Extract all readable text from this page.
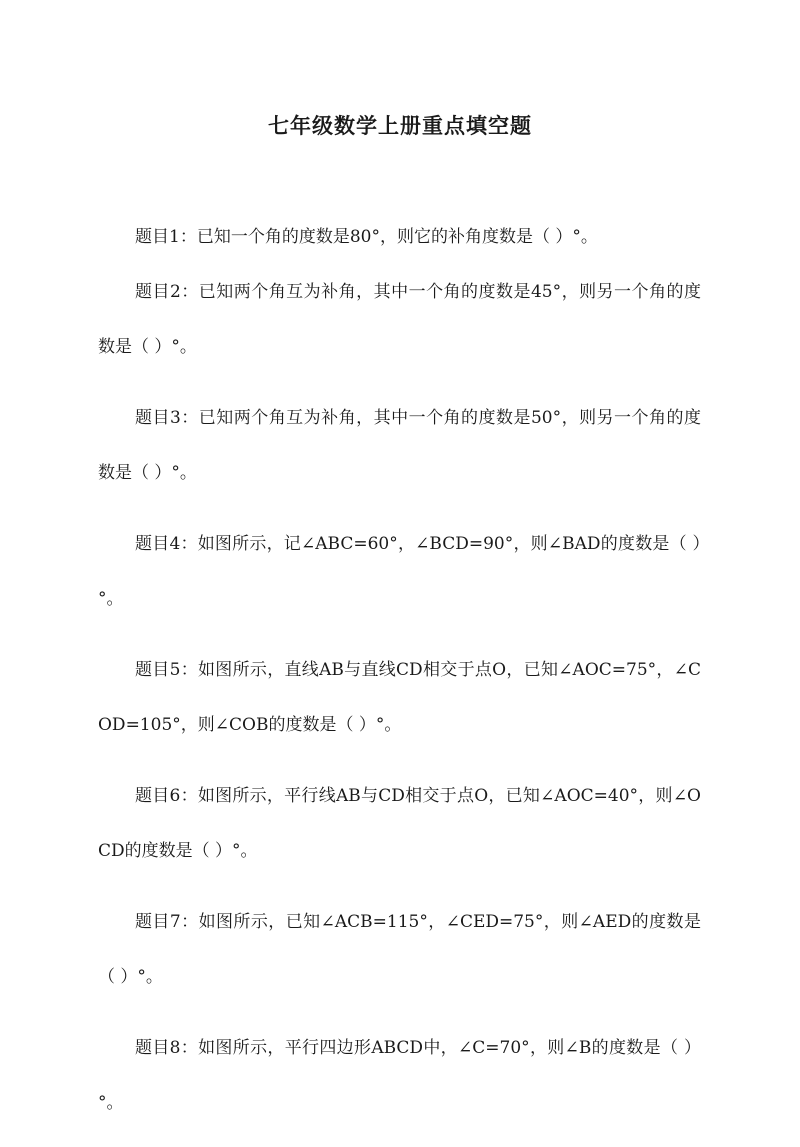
七年级数学上册重点填空题
题目1：已知一个角的度数是80°，则它的补角度数是（ ）°。
题目2：已知两个角互为补角，其中一个角的度数是45°，则另一个角的度数是（ ）°。
题目3：已知两个角互为补角，其中一个角的度数是50°，则另一个角的度数是（ ）°。
题目4：如图所示，记∠ABC=60°，∠BCD=90°，则∠BAD的度数是（ ）°。
题目5：如图所示，直线AB与直线CD相交于点O，已知∠AOC=75°，∠COD=105°，则∠COB的度数是（ ）°。
题目6：如图所示，平行线AB与CD相交于点O，已知∠AOC=40°，则∠OCD的度数是（ ）°。
题目7：如图所示，已知∠ACB=115°，∠CED=75°，则∠AED的度数是（ ）°。
题目8：如图所示，平行四边形ABCD中，∠C=70°，则∠B的度数是（ ）°。
